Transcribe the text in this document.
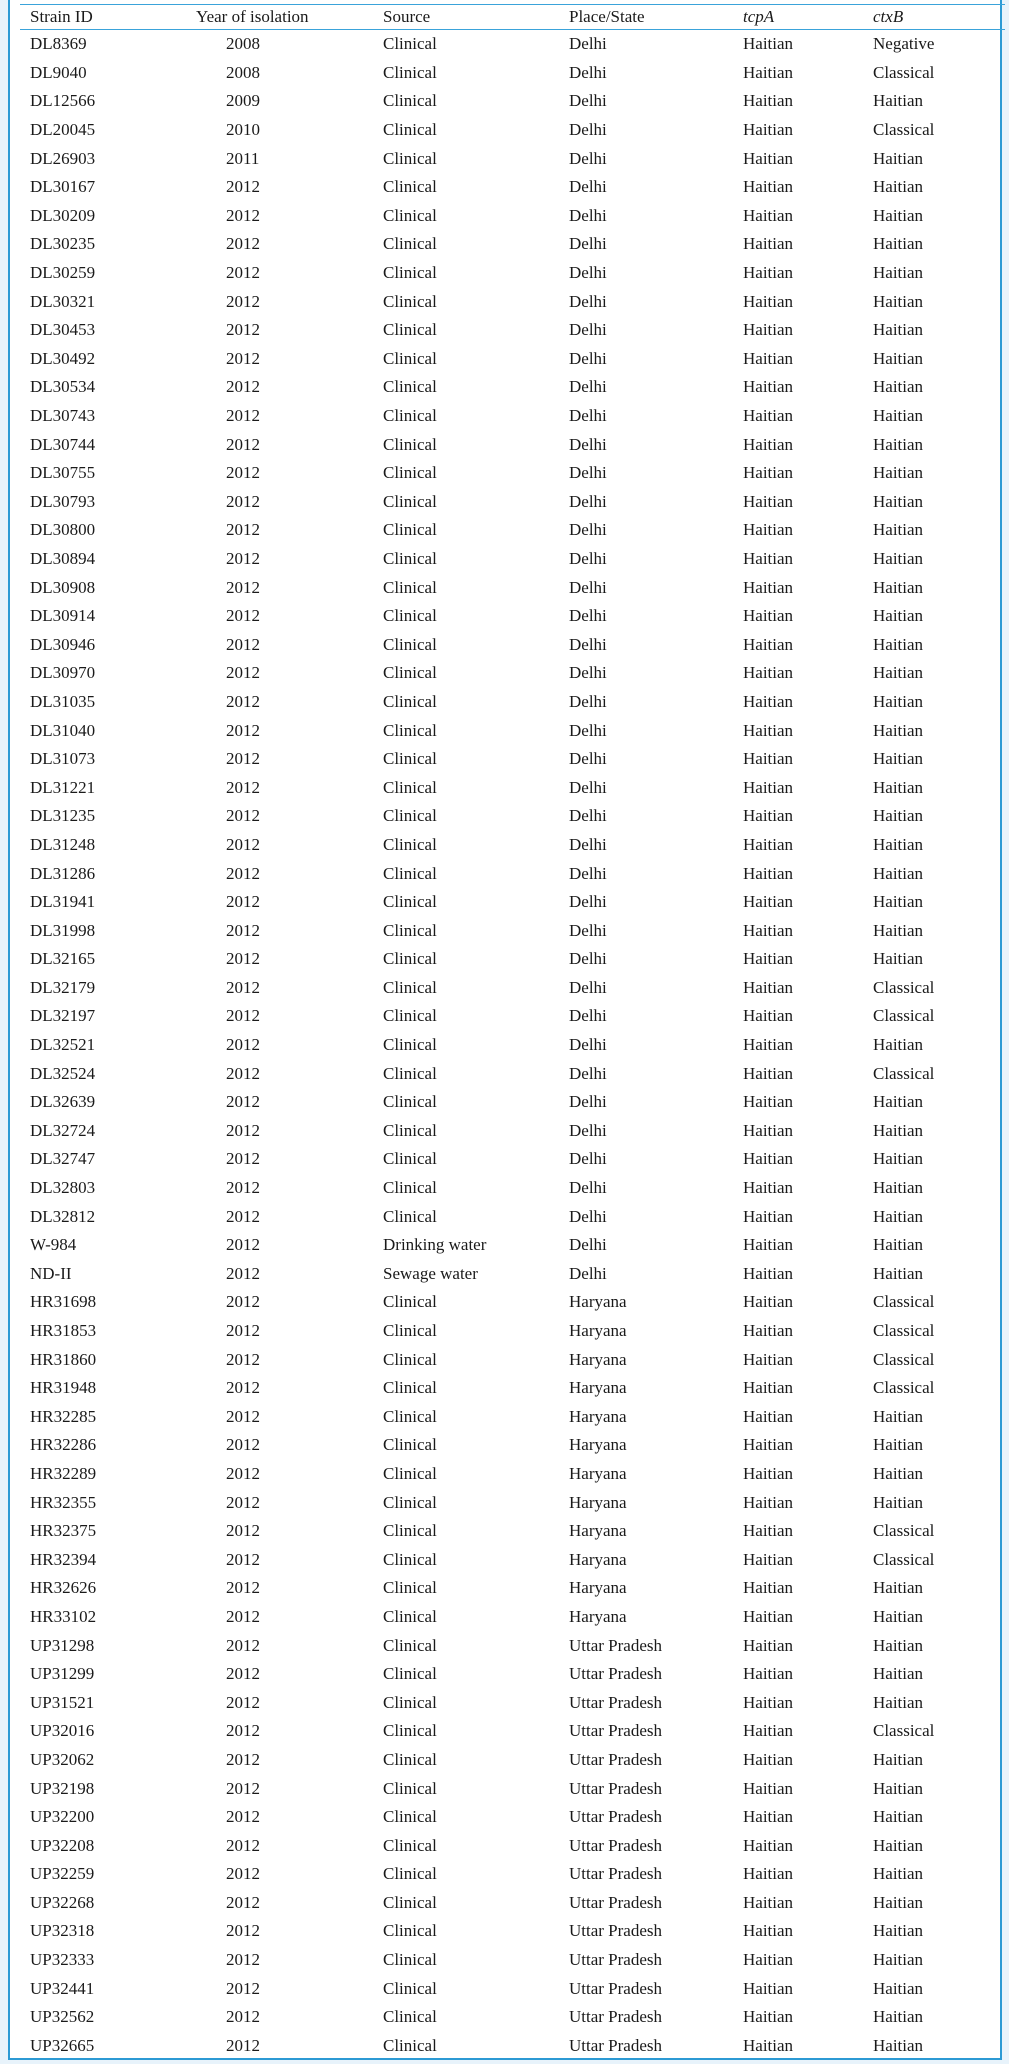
Strain ID	Year of isolation	Source	Place/State	tcpA	ctxB
DL8369	2008	Clinical	Delhi	Haitian	Negative
DL9040	2008	Clinical	Delhi	Haitian	Classical
DL12566	2009	Clinical	Delhi	Haitian	Haitian
DL20045	2010	Clinical	Delhi	Haitian	Classical
DL26903	2011	Clinical	Delhi	Haitian	Haitian
DL30167	2012	Clinical	Delhi	Haitian	Haitian
DL30209	2012	Clinical	Delhi	Haitian	Haitian
DL30235	2012	Clinical	Delhi	Haitian	Haitian
DL30259	2012	Clinical	Delhi	Haitian	Haitian
DL30321	2012	Clinical	Delhi	Haitian	Haitian
DL30453	2012	Clinical	Delhi	Haitian	Haitian
DL30492	2012	Clinical	Delhi	Haitian	Haitian
DL30534	2012	Clinical	Delhi	Haitian	Haitian
DL30743	2012	Clinical	Delhi	Haitian	Haitian
DL30744	2012	Clinical	Delhi	Haitian	Haitian
DL30755	2012	Clinical	Delhi	Haitian	Haitian
DL30793	2012	Clinical	Delhi	Haitian	Haitian
DL30800	2012	Clinical	Delhi	Haitian	Haitian
DL30894	2012	Clinical	Delhi	Haitian	Haitian
DL30908	2012	Clinical	Delhi	Haitian	Haitian
DL30914	2012	Clinical	Delhi	Haitian	Haitian
DL30946	2012	Clinical	Delhi	Haitian	Haitian
DL30970	2012	Clinical	Delhi	Haitian	Haitian
DL31035	2012	Clinical	Delhi	Haitian	Haitian
DL31040	2012	Clinical	Delhi	Haitian	Haitian
DL31073	2012	Clinical	Delhi	Haitian	Haitian
DL31221	2012	Clinical	Delhi	Haitian	Haitian
DL31235	2012	Clinical	Delhi	Haitian	Haitian
DL31248	2012	Clinical	Delhi	Haitian	Haitian
DL31286	2012	Clinical	Delhi	Haitian	Haitian
DL31941	2012	Clinical	Delhi	Haitian	Haitian
DL31998	2012	Clinical	Delhi	Haitian	Haitian
DL32165	2012	Clinical	Delhi	Haitian	Haitian
DL32179	2012	Clinical	Delhi	Haitian	Classical
DL32197	2012	Clinical	Delhi	Haitian	Classical
DL32521	2012	Clinical	Delhi	Haitian	Haitian
DL32524	2012	Clinical	Delhi	Haitian	Classical
DL32639	2012	Clinical	Delhi	Haitian	Haitian
DL32724	2012	Clinical	Delhi	Haitian	Haitian
DL32747	2012	Clinical	Delhi	Haitian	Haitian
DL32803	2012	Clinical	Delhi	Haitian	Haitian
DL32812	2012	Clinical	Delhi	Haitian	Haitian
W-984	2012	Drinking water	Delhi	Haitian	Haitian
ND-II	2012	Sewage water	Delhi	Haitian	Haitian
HR31698	2012	Clinical	Haryana	Haitian	Classical
HR31853	2012	Clinical	Haryana	Haitian	Classical
HR31860	2012	Clinical	Haryana	Haitian	Classical
HR31948	2012	Clinical	Haryana	Haitian	Classical
HR32285	2012	Clinical	Haryana	Haitian	Haitian
HR32286	2012	Clinical	Haryana	Haitian	Haitian
HR32289	2012	Clinical	Haryana	Haitian	Haitian
HR32355	2012	Clinical	Haryana	Haitian	Haitian
HR32375	2012	Clinical	Haryana	Haitian	Classical
HR32394	2012	Clinical	Haryana	Haitian	Classical
HR32626	2012	Clinical	Haryana	Haitian	Haitian
HR33102	2012	Clinical	Haryana	Haitian	Haitian
UP31298	2012	Clinical	Uttar Pradesh	Haitian	Haitian
UP31299	2012	Clinical	Uttar Pradesh	Haitian	Haitian
UP31521	2012	Clinical	Uttar Pradesh	Haitian	Haitian
UP32016	2012	Clinical	Uttar Pradesh	Haitian	Classical
UP32062	2012	Clinical	Uttar Pradesh	Haitian	Haitian
UP32198	2012	Clinical	Uttar Pradesh	Haitian	Haitian
UP32200	2012	Clinical	Uttar Pradesh	Haitian	Haitian
UP32208	2012	Clinical	Uttar Pradesh	Haitian	Haitian
UP32259	2012	Clinical	Uttar Pradesh	Haitian	Haitian
UP32268	2012	Clinical	Uttar Pradesh	Haitian	Haitian
UP32318	2012	Clinical	Uttar Pradesh	Haitian	Haitian
UP32333	2012	Clinical	Uttar Pradesh	Haitian	Haitian
UP32441	2012	Clinical	Uttar Pradesh	Haitian	Haitian
UP32562	2012	Clinical	Uttar Pradesh	Haitian	Haitian
UP32665	2012	Clinical	Uttar Pradesh	Haitian	Haitian
